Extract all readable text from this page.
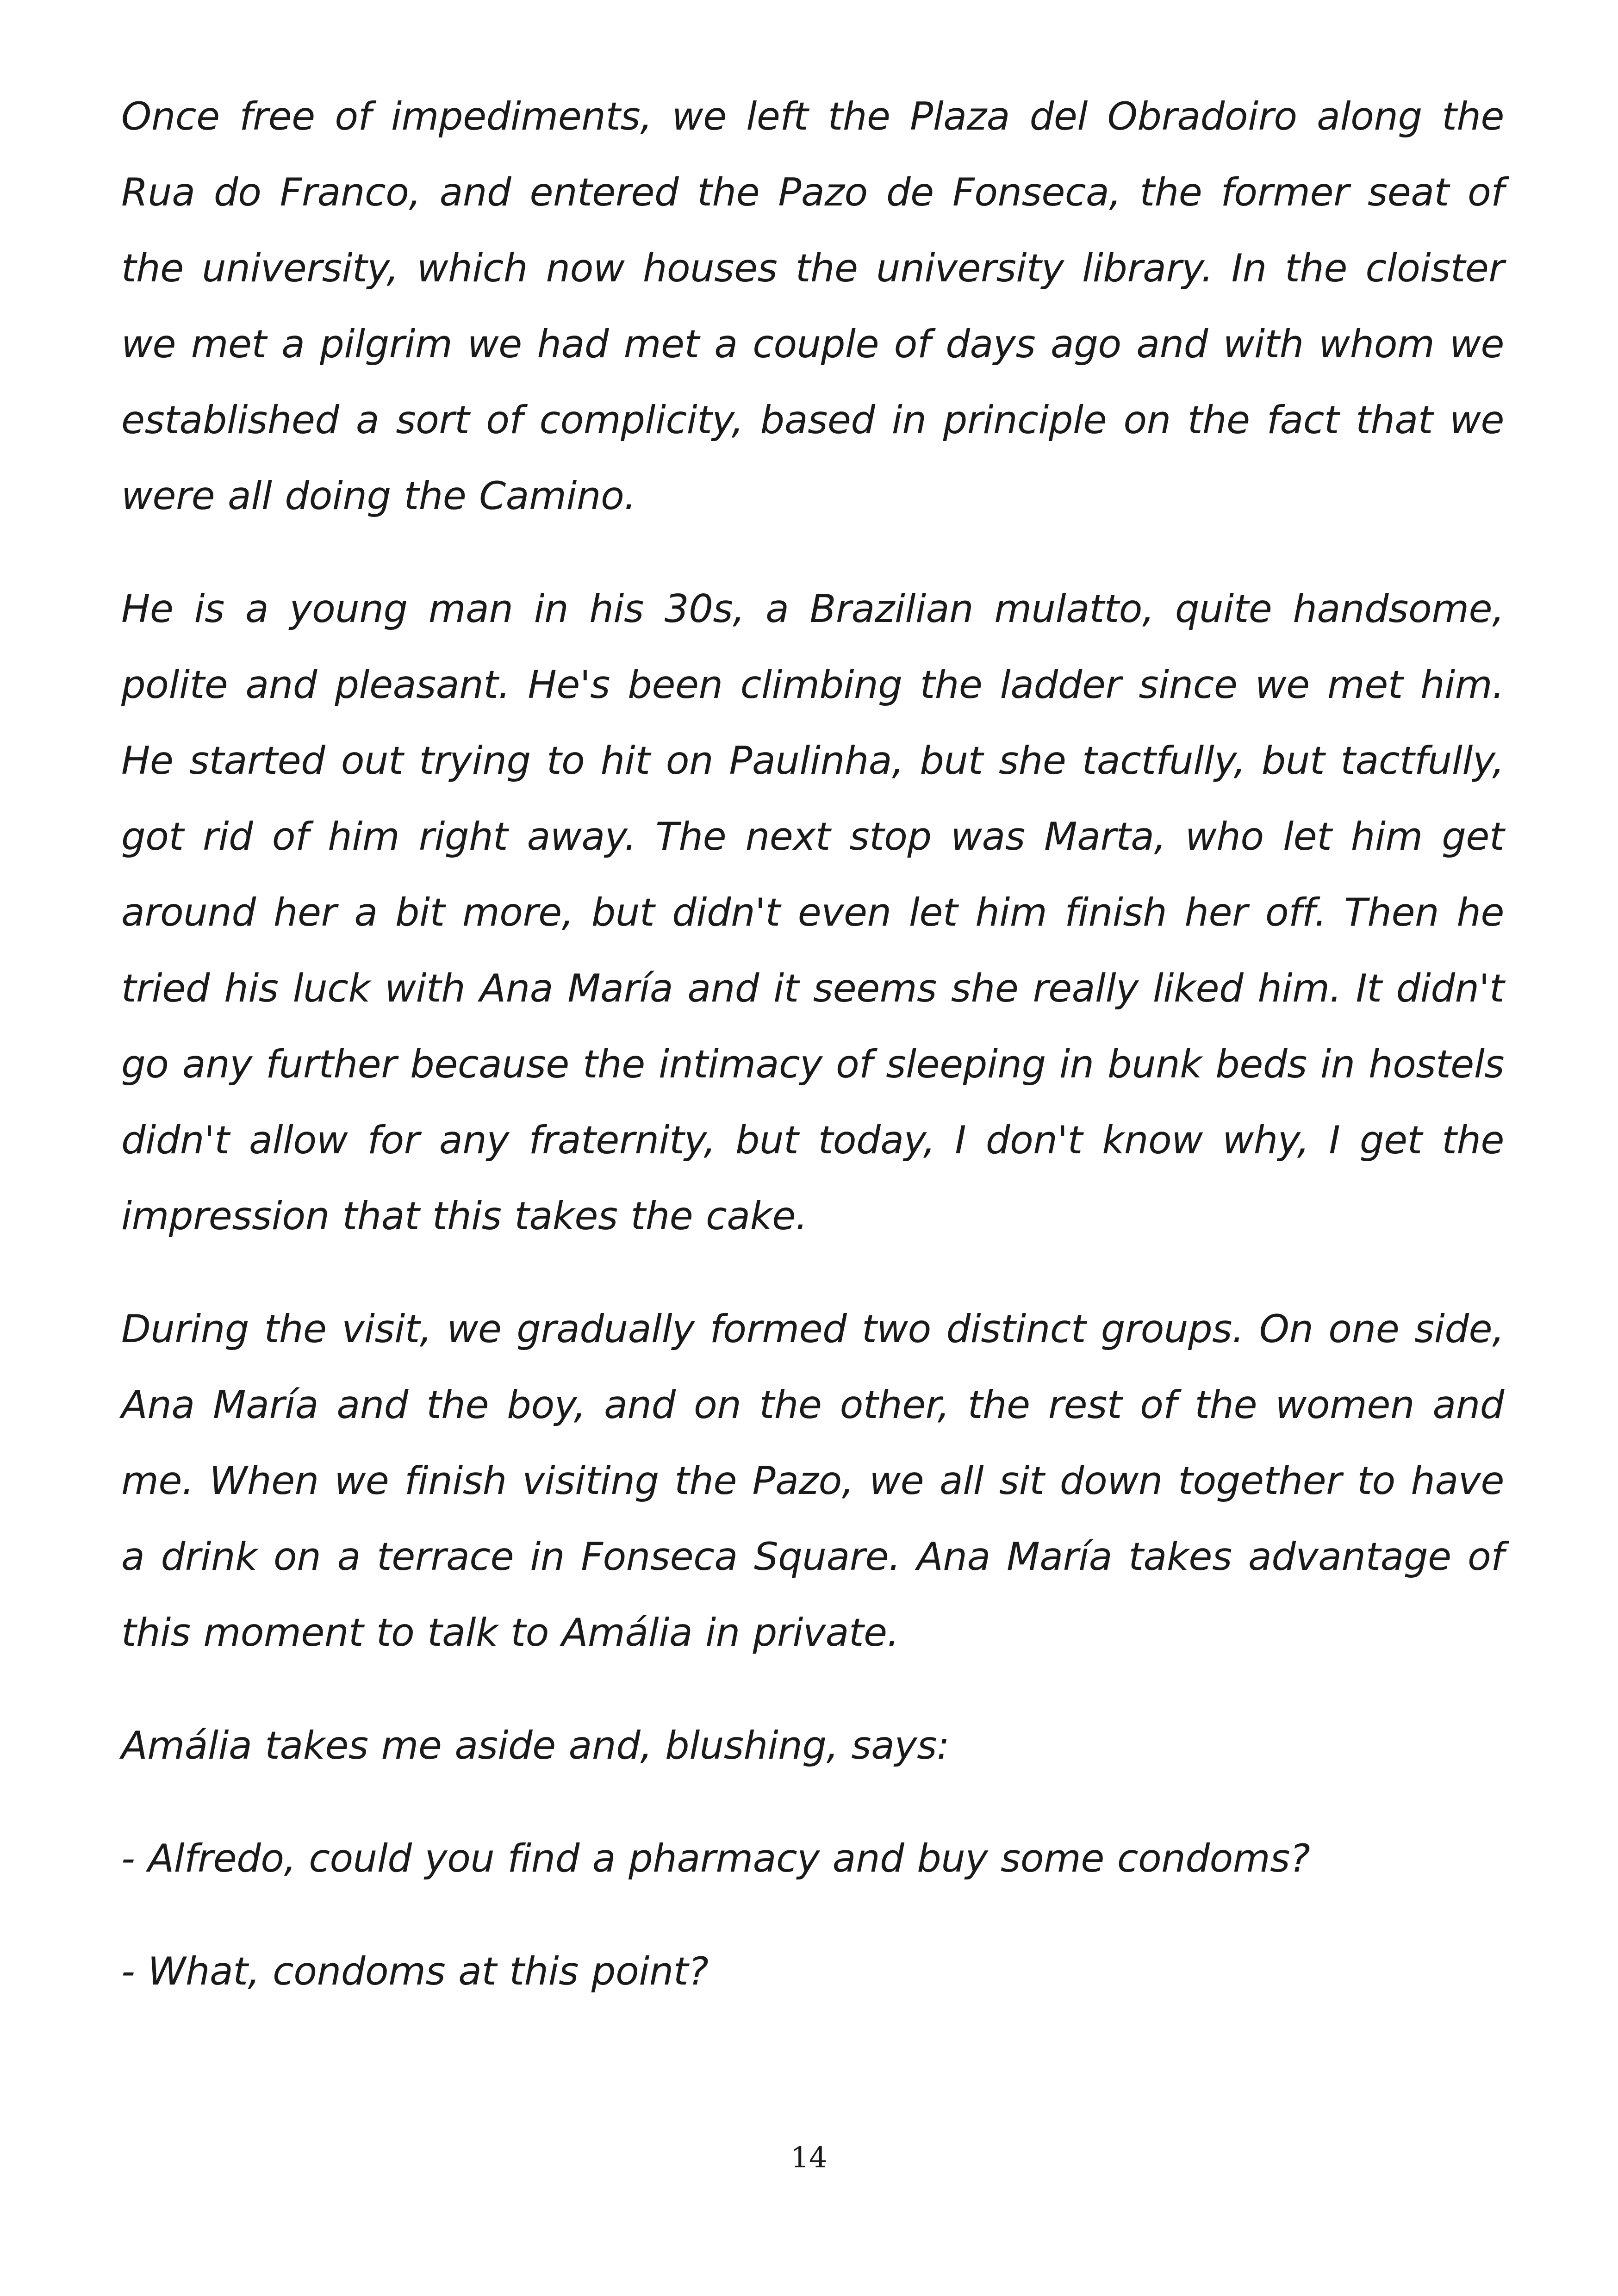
Once free of impediments, we left the Plaza del Obradoiro along the Rua do Franco, and entered the Pazo de Fonseca, the former seat of the university, which now houses the university library. In the cloister we met a pilgrim we had met a couple of days ago and with whom we established a sort of complicity, based in principle on the fact that we were all doing the Camino.

He is a young man in his 30s, a Brazilian mulatto, quite handsome, polite and pleasant. He's been climbing the ladder since we met him. He started out trying to hit on Paulinha, but she tactfully, but tactfully, got rid of him right away. The next stop was Marta, who let him get around her a bit more, but didn't even let him finish her off. Then he tried his luck with Ana María and it seems she really liked him. It didn't go any further because the intimacy of sleeping in bunk beds in hostels didn't allow for any fraternity, but today, I don't know why, I get the impression that this takes the cake.

During the visit, we gradually formed two distinct groups. On one side, Ana María and the boy, and on the other, the rest of the women and me. When we finish visiting the Pazo, we all sit down together to have a drink on a terrace in Fonseca Square. Ana María takes advantage of this moment to talk to Amália in private.

Amália takes me aside and, blushing, says:

- Alfredo, could you find a pharmacy and buy some condoms?

- What, condoms at this point?

14
